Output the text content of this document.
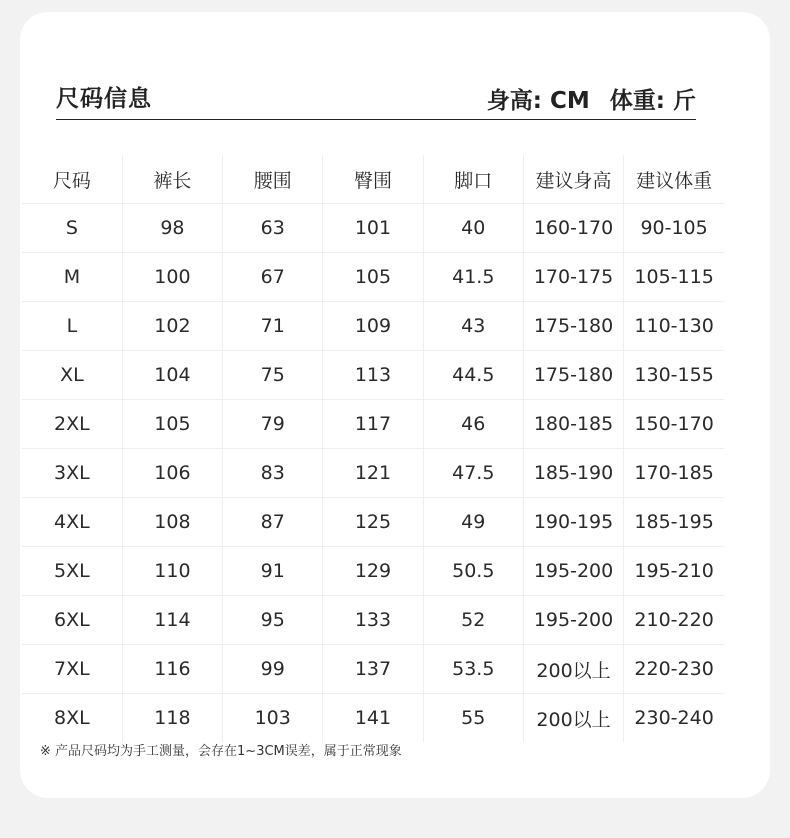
尺码信息	身高: CM 体重: 斤
尺码	裤长	腰围	臀围	脚口	建议身高	建议体重
S	98	63	101	40	160-170	90-105
M	100	67	105	41.5	170-175	105-115
L	102	71	109	43	175-180	110-130
XL	104	75	113	44.5	175-180	130-155
2XL	105	79	117	46	180-185	150-170
3XL	106	83	121	47.5	185-190	170-185
4XL	108	87	125	49	190-195	185-195
5XL	110	91	129	50.5	195-200	195-210
6XL	114	95	133	52	195-200	210-220
7XL	116	99	137	53.5	200以上	220-230
8XL	118	103	141	55	200以上	230-240
※ 产品尺码均为手工测量，会存在1~3CM误差，属于正常现象
